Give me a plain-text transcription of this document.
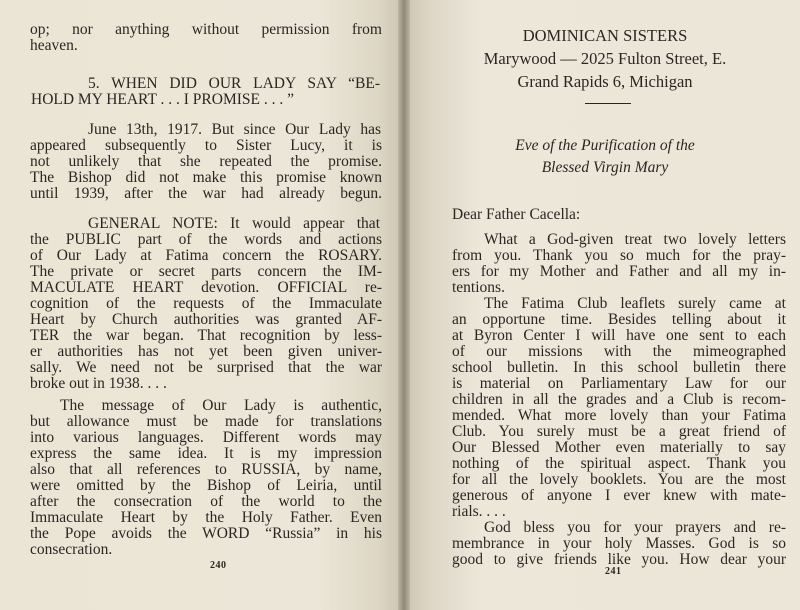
240
op; nor anything without permission from
heaven.
5. WHEN DID OUR LADY SAY “BE-
HOLD MY HEART . . . I PROMISE . . . ”
June 13th, 1917. But since Our Lady has
appeared subsequently to Sister Lucy, it is
not unlikely that she repeated the promise.
The Bishop did not make this promise known
until 1939, after the war had already begun.
GENERAL NOTE: It would appear that
the PUBLIC part of the words and actions
of Our Lady at Fatima concern the ROSARY.
The private or secret parts concern the IM-
MACULATE HEART devotion. OFFICIAL re-
cognition of the requests of the Immaculate
Heart by Church authorities was granted AF-
TER the war began. That recognition by less-
er authorities has not yet been given univer-
sally. We need not be surprised that the war
broke out in 1938. . . .
The message of Our Lady is authentic,
but allowance must be made for translations
into various languages. Different words may
express the same idea. It is my impression
also that all references to RUSSIA, by name,
were omitted by the Bishop of Leiria, until
after the consecration of the world to the
Immaculate Heart by the Holy Father. Even
the Pope avoids the WORD “Russia” in his
consecration.
DOMINICAN SISTERS
Marywood — 2025 Fulton Street, E.
Grand Rapids 6, Michigan
Eve of the Purification of the
Blessed Virgin Mary
Dear Father Cacella:
241
What a God-given treat two lovely letters
from you. Thank you so much for the pray-
ers for my Mother and Father and all my in-
tentions.
The Fatima Club leaflets surely came at
an opportune time. Besides telling about it
at Byron Center I will have one sent to each
of our missions with the mimeographed
school bulletin. In this school bulletin there
is material on Parliamentary Law for our
children in all the grades and a Club is recom-
mended. What more lovely than your Fatima
Club. You surely must be a great friend of
Our Blessed Mother even materially to say
nothing of the spiritual aspect. Thank you
for all the lovely booklets. You are the most
generous of anyone I ever knew with mate-
rials. . . .
God bless you for your prayers and re-
membrance in your holy Masses. God is so
good to give friends like you. How dear your
